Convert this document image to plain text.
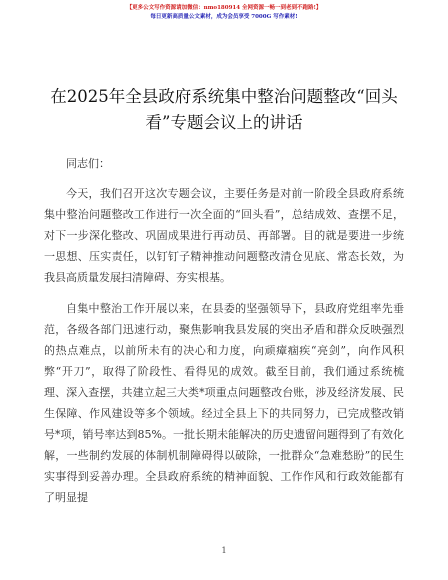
【更多公文写作资源请加微信：nmo180914 全网资源一畅一到老到不跑路!】
每日更新高质量公文素材，成为会员享受 7000G 写作素材!
在2025年全县政府系统集中整治问题整改“回头看”专题会议上的讲话
同志们：

今天，我们召开这次专题会议，主要任务是对前一阶段全县政府系统集中整治问题整改工作进行一次全面的“回头看”，总结成效、查摆不足，对下一步深化整改、巩固成果进行再动员、再部署。目的就是要进一步统一思想、压实责任，以钉钉子精神推动问题整改清仓见底、常态长效，为我县高质量发展扫清障碍、夯实根基。

自集中整治工作开展以来，在县委的坚强领导下，县政府党组率先垂范，各级各部门迅速行动，聚焦影响我县发展的突出矛盾和群众反映强烈的热点难点，以前所未有的决心和力度，向顽瘴痼疾“亮剑”，向作风积弊“开刀”，取得了阶段性、看得见的成效。截至目前，我们通过系统梳理、深入查摆，共建立起三大类*项重点问题整改台账，涉及经济发展、民生保障、作风建设等多个领域。经过全县上下的共同努力，已完成整改销号*项，销号率达到85%。一批长期未能解决的历史遗留问题得到了有效化解，一些制约发展的体制机制障碍得以破除，一批群众“急难愁盼”的民生实事得到妥善办理。全县政府系统的精神面貌、工作作风和行政效能都有了明显提

1
